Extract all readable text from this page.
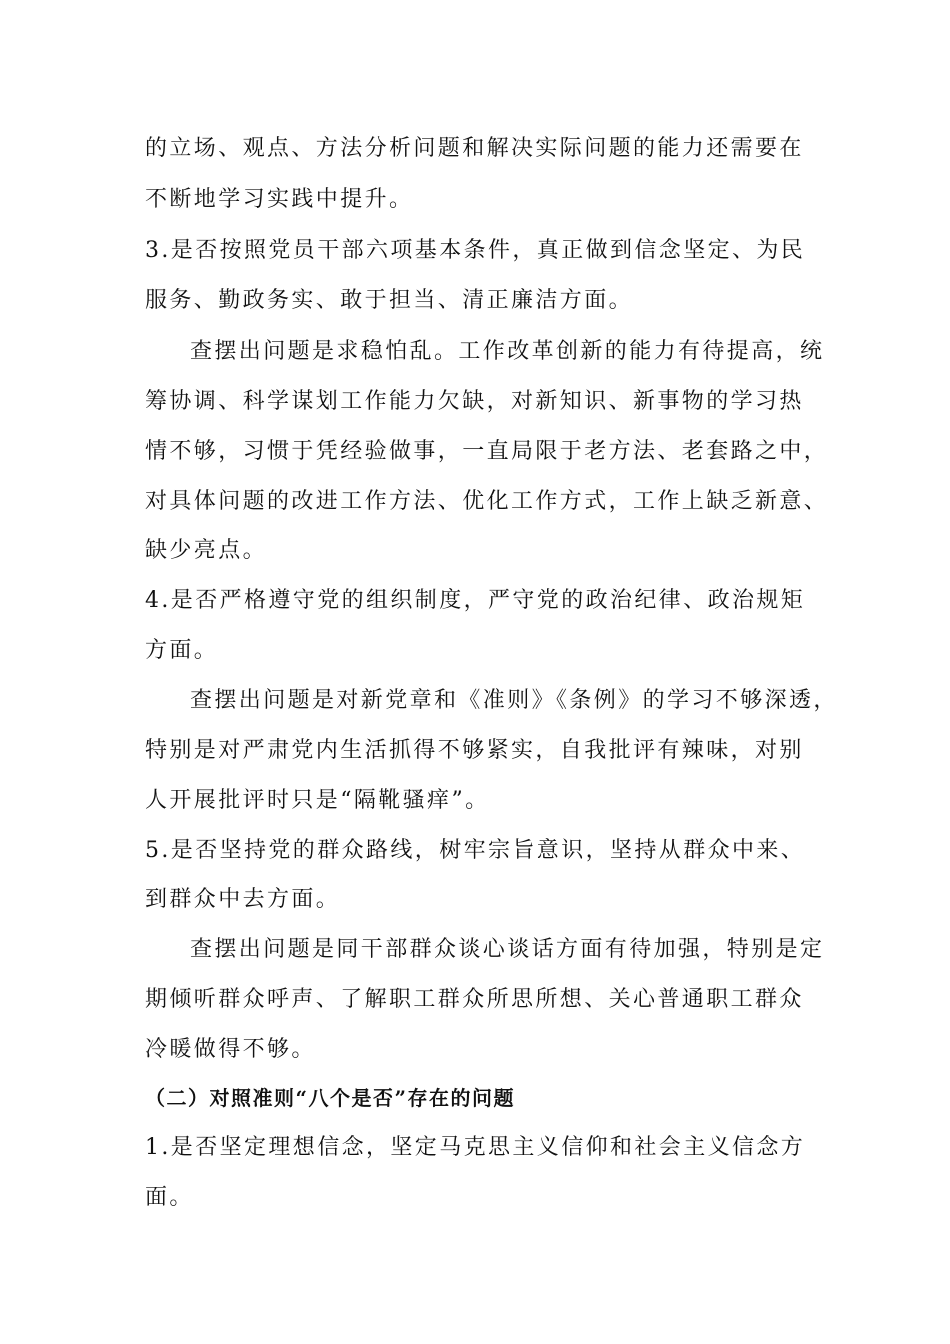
的立场、观点、方法分析问题和解决实际问题的能力还需要在

不断地学习实践中提升。

3.是否按照党员干部六项基本条件，真正做到信念坚定、为民

服务、勤政务实、敢于担当、清正廉洁方面。

查摆出问题是求稳怕乱。工作改革创新的能力有待提高，统

筹协调、科学谋划工作能力欠缺，对新知识、新事物的学习热

情不够，习惯于凭经验做事，一直局限于老方法、老套路之中，

对具体问题的改进工作方法、优化工作方式，工作上缺乏新意、

缺少亮点。

4.是否严格遵守党的组织制度，严守党的政治纪律、政治规矩

方面。

查摆出问题是对新党章和《准则》《条例》的学习不够深透，

特别是对严肃党内生活抓得不够紧实，自我批评有辣味，对别

人开展批评时只是“隔靴骚痒”。

5.是否坚持党的群众路线，树牢宗旨意识，坚持从群众中来、

到群众中去方面。

查摆出问题是同干部群众谈心谈话方面有待加强，特别是定

期倾听群众呼声、了解职工群众所思所想、关心普通职工群众

冷暖做得不够。

（二）对照准则“八个是否”存在的问题

1.是否坚定理想信念，坚定马克思主义信仰和社会主义信念方

面。
